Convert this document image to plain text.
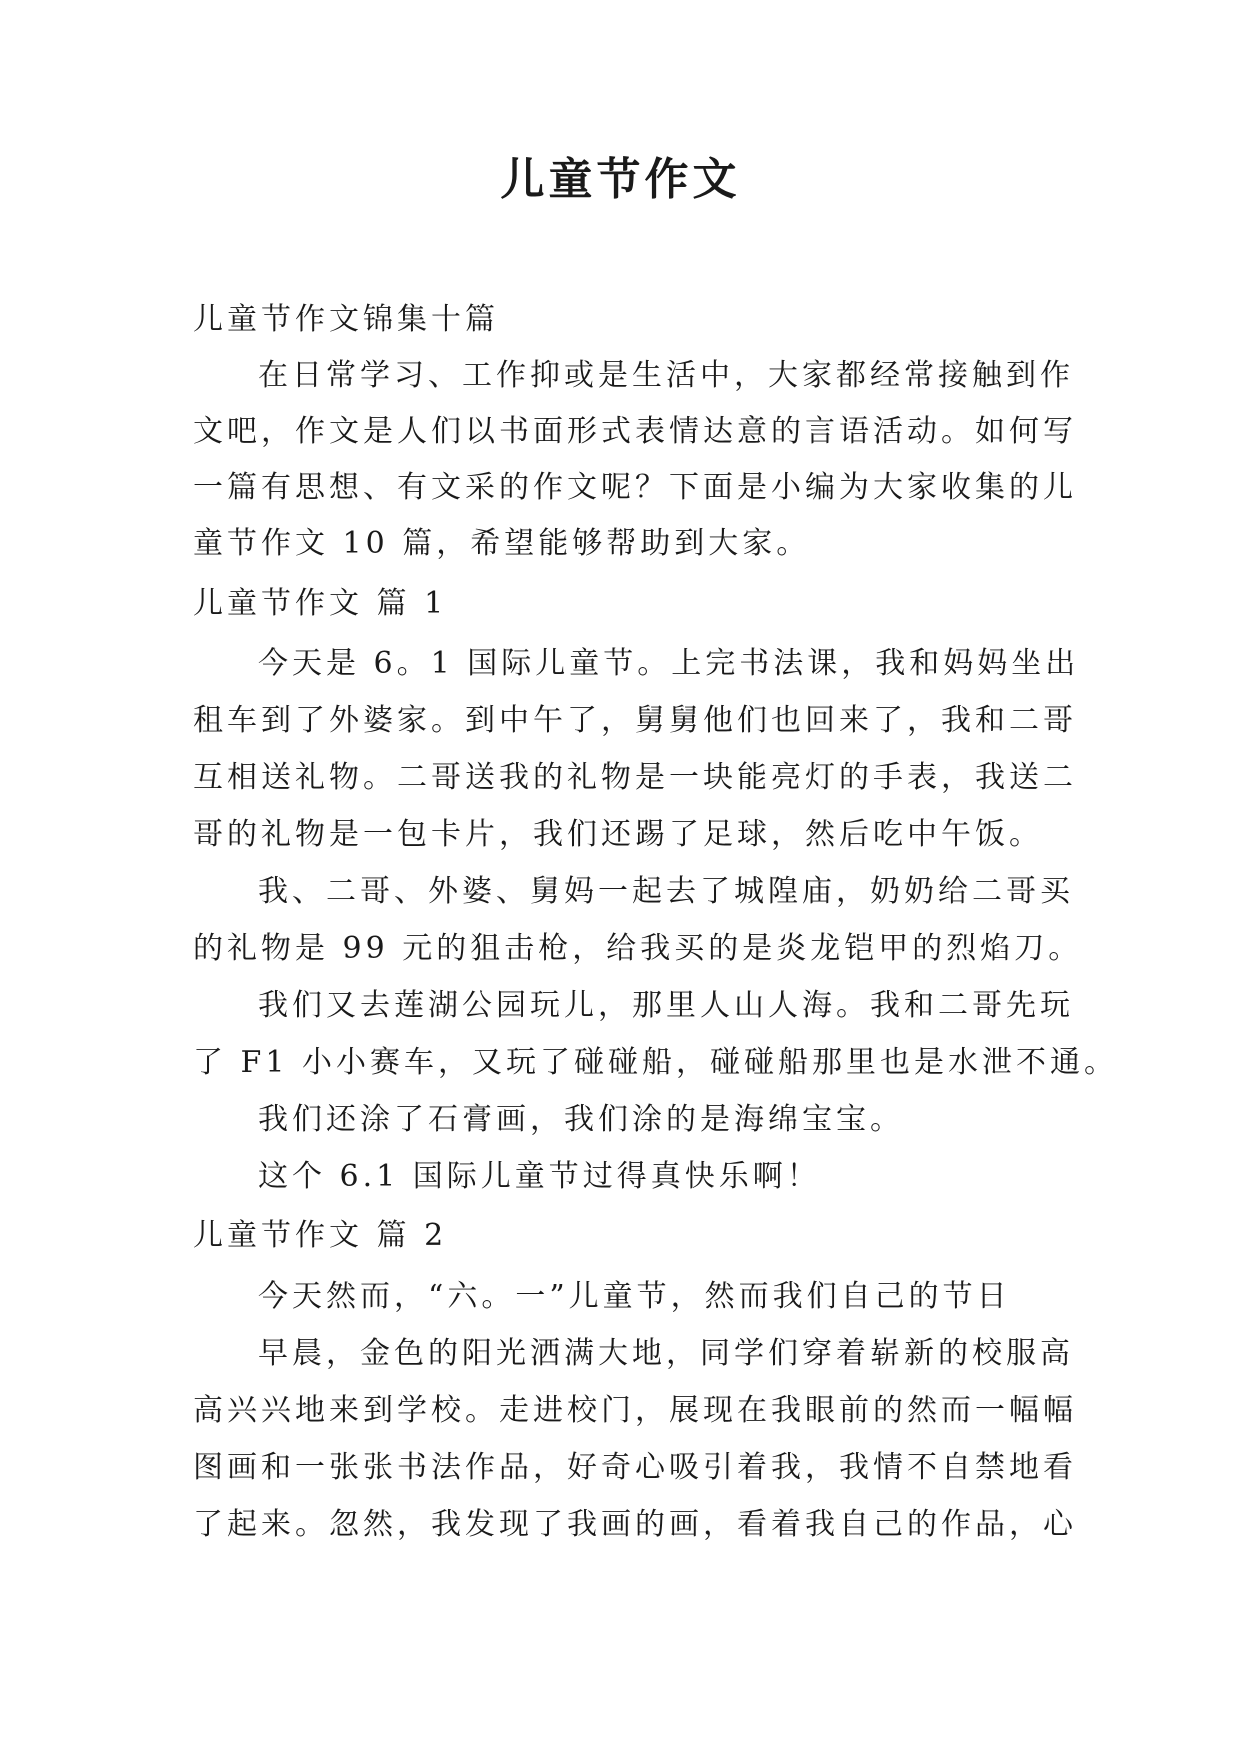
儿童节作文
儿童节作文锦集十篇
在日常学习、工作抑或是生活中，大家都经常接触到作
文吧，作文是人们以书面形式表情达意的言语活动。如何写
一篇有思想、有文采的作文呢？下面是小编为大家收集的儿
童节作文 10 篇，希望能够帮助到大家。
儿童节作文 篇 1
今天是 6。1 国际儿童节。上完书法课，我和妈妈坐出
租车到了外婆家。到中午了，舅舅他们也回来了，我和二哥
互相送礼物。二哥送我的礼物是一块能亮灯的手表，我送二
哥的礼物是一包卡片，我们还踢了足球，然后吃中午饭。
我、二哥、外婆、舅妈一起去了城隍庙，奶奶给二哥买
的礼物是 99 元的狙击枪，给我买的是炎龙铠甲的烈焰刀。
我们又去莲湖公园玩儿，那里人山人海。我和二哥先玩
了 F1 小小赛车，又玩了碰碰船，碰碰船那里也是水泄不通。
我们还涂了石膏画，我们涂的是海绵宝宝。
这个 6.1 国际儿童节过得真快乐啊！
儿童节作文 篇 2
今天然而，“六。一”儿童节，然而我们自己的节日
早晨，金色的阳光洒满大地，同学们穿着崭新的校服高
高兴兴地来到学校。走进校门，展现在我眼前的然而一幅幅
图画和一张张书法作品，好奇心吸引着我，我情不自禁地看
了起来。忽然，我发现了我画的画，看着我自己的作品，心
